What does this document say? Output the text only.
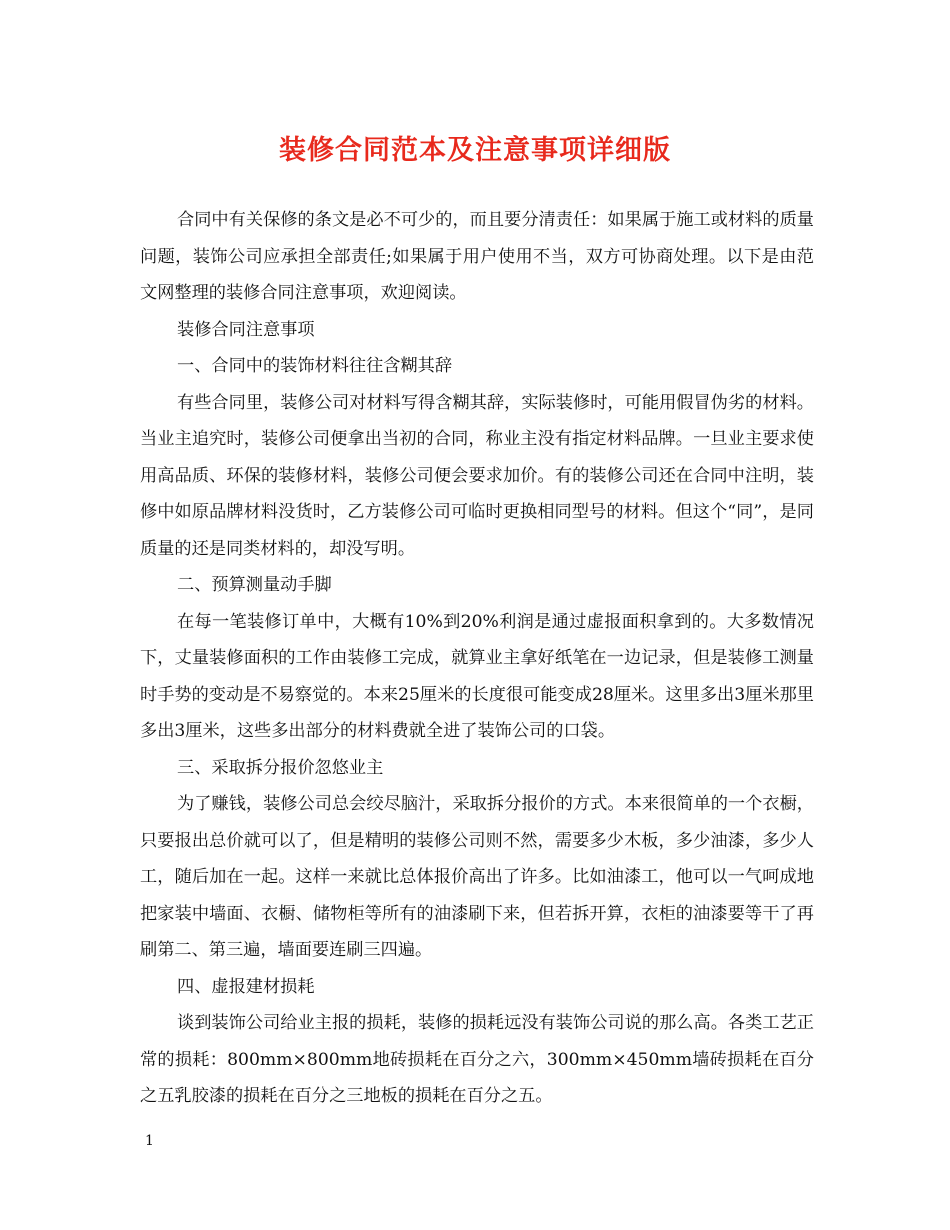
装修合同范本及注意事项详细版

合同中有关保修的条文是必不可少的，而且要分清责任：如果属于施工或材料的质量问题，装饰公司应承担全部责任;如果属于用户使用不当，双方可协商处理。以下是由范文网整理的装修合同注意事项，欢迎阅读。

装修合同注意事项

一、合同中的装饰材料往往含糊其辞

有些合同里，装修公司对材料写得含糊其辞，实际装修时，可能用假冒伪劣的材料。当业主追究时，装修公司便拿出当初的合同，称业主没有指定材料品牌。一旦业主要求使用高品质、环保的装修材料，装修公司便会要求加价。有的装修公司还在合同中注明，装修中如原品牌材料没货时，乙方装修公司可临时更换相同型号的材料。但这个“同”，是同质量的还是同类材料的，却没写明。

二、预算测量动手脚

在每一笔装修订单中，大概有10%到20%利润是通过虚报面积拿到的。大多数情况下，丈量装修面积的工作由装修工完成，就算业主拿好纸笔在一边记录，但是装修工测量时手势的变动是不易察觉的。本来25厘米的长度很可能变成28厘米。这里多出3厘米那里多出3厘米，这些多出部分的材料费就全进了装饰公司的口袋。

三、采取拆分报价忽悠业主

为了赚钱，装修公司总会绞尽脑汁，采取拆分报价的方式。本来很简单的一个衣橱，只要报出总价就可以了，但是精明的装修公司则不然，需要多少木板，多少油漆，多少人工，随后加在一起。这样一来就比总体报价高出了许多。比如油漆工，他可以一气呵成地把家装中墙面、衣橱、储物柜等所有的油漆刷下来，但若拆开算，衣柜的油漆要等干了再刷第二、第三遍，墙面要连刷三四遍。

四、虚报建材损耗

谈到装饰公司给业主报的损耗，装修的损耗远没有装饰公司说的那么高。各类工艺正常的损耗：800mm×800mm地砖损耗在百分之六，300mm×450mm墙砖损耗在百分之五乳胶漆的损耗在百分之三地板的损耗在百分之五。

1
